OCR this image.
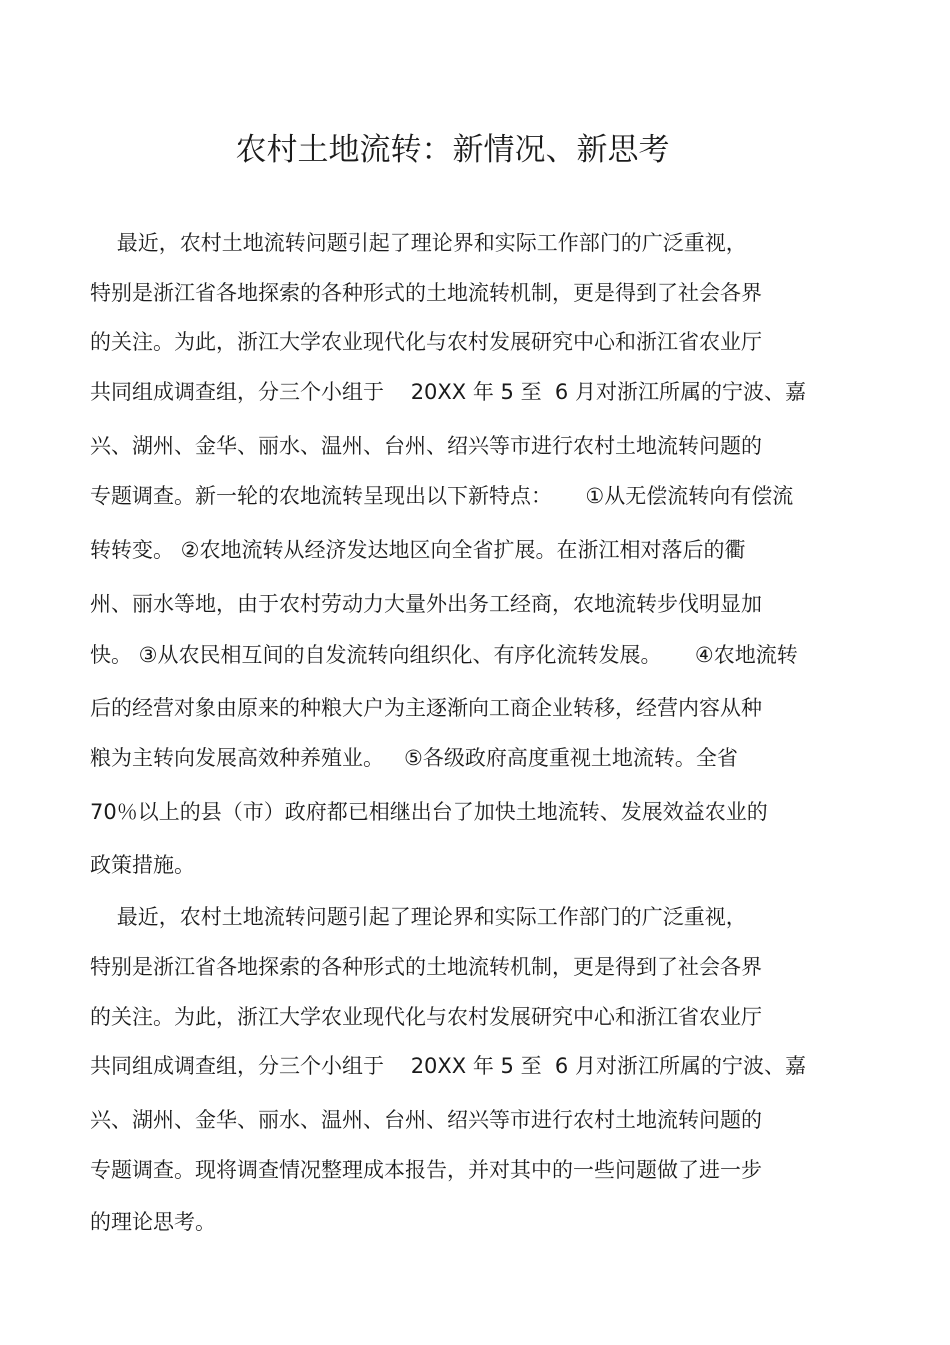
农村土地流转：新情况、新思考
最近，农村土地流转问题引起了理论界和实际工作部门的广泛重视，
特别是浙江省各地探索的各种形式的土地流转机制，更是得到了社会各界
的关注。为此，浙江大学农业现代化与农村发展研究中心和浙江省农业厅
共同组成调查组，分三个小组于    20XX 年 5 至  6 月对浙江所属的宁波、嘉
兴、湖州、金华、丽水、温州、台州、绍兴等市进行农村土地流转问题的
专题调查。新一轮的农地流转呈现出以下新特点：     ①从无偿流转向有偿流
转转变。 ②农地流转从经济发达地区向全省扩展。在浙江相对落后的衢
州、丽水等地，由于农村劳动力大量外出务工经商，农地流转步伐明显加
快。 ③从农民相互间的自发流转向组织化、有序化流转发展。     ④农地流转
后的经营对象由原来的种粮大户为主逐渐向工商企业转移，经营内容从种
粮为主转向发展高效种养殖业。   ⑤各级政府高度重视土地流转。全省
70％以上的县（市）政府都已相继出台了加快土地流转、发展效益农业的
政策措施。
最近，农村土地流转问题引起了理论界和实际工作部门的广泛重视，
特别是浙江省各地探索的各种形式的土地流转机制，更是得到了社会各界
的关注。为此，浙江大学农业现代化与农村发展研究中心和浙江省农业厅
共同组成调查组，分三个小组于    20XX 年 5 至  6 月对浙江所属的宁波、嘉
兴、湖州、金华、丽水、温州、台州、绍兴等市进行农村土地流转问题的
专题调查。现将调查情况整理成本报告，并对其中的一些问题做了进一步
的理论思考。
